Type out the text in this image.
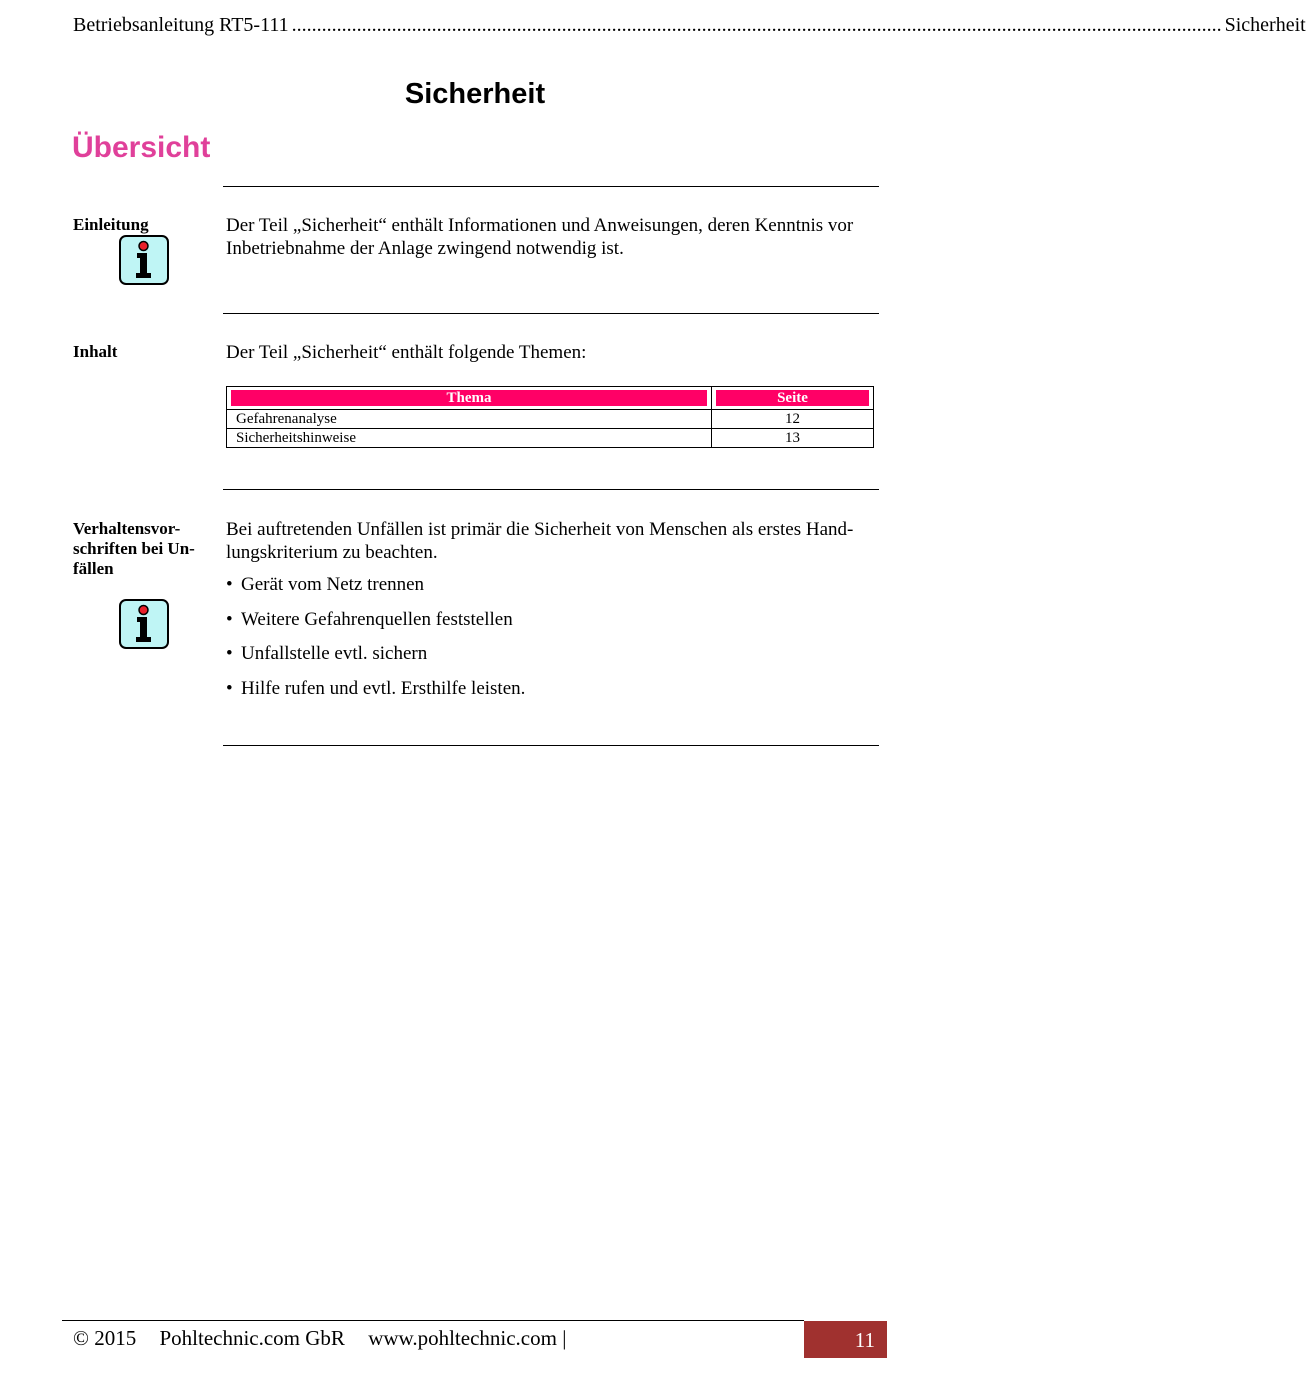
Betriebsanleitung RT5-111 .......................................................................................................................................................................................... Sicherheit
Sicherheit
Übersicht
Einleitung	Der Teil „Sicherheit“ enthält Informationen und Anweisungen, deren Kenntnis vor
Inbetriebnahme der Anlage zwingend notwendig ist.
Inhalt	Der Teil „Sicherheit“ enthält folgende Themen:
Thema	Seite

Gefahrenanalyse	12
Sicherheitshinweise	13
Verhaltensvor-
schriften bei Un-
fällen
Bei auftretenden Unfällen ist primär die Sicherheit von Menschen als erstes Hand-
lungskriterium zu beachten.
• Gerät vom Netz trennen
• Weitere Gefahrenquellen feststellen
• Unfallstelle evtl. sichern
• Hilfe rufen und evtl. Ersthilfe leisten.
© 2015 Pohltechnic.com GbR www.pohltechnic.com |	11
